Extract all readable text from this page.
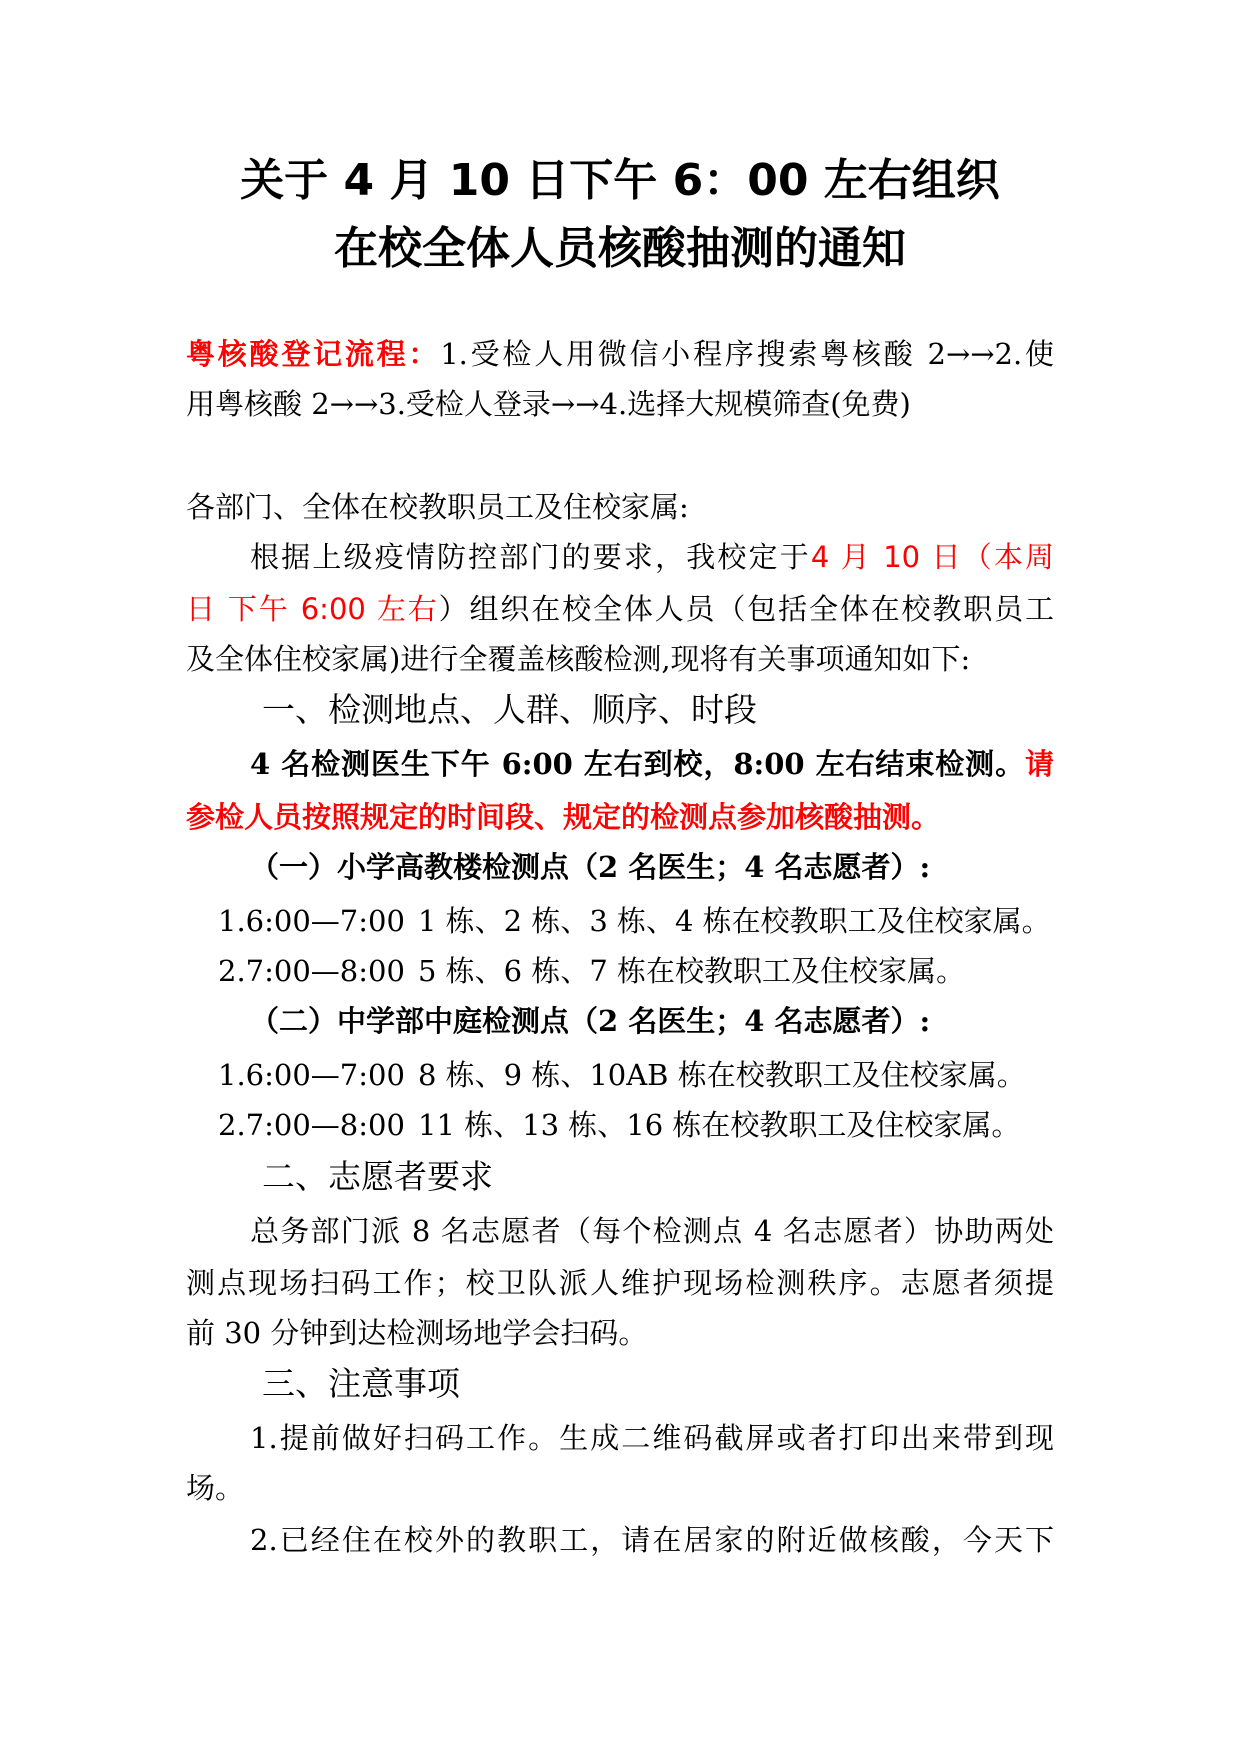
关于 4 月 10 日下午 6：00 左右组织
在校全体人员核酸抽测的通知
粤核酸登记流程：1.受检人用微信小程序搜索粤核酸 2→→2.使
用粤核酸 2→→3.受检人登录→→4.选择大规模筛查(免费)
各部门、全体在校教职员工及住校家属:
根据上级疫情防控部门的要求，我校定于4 月 10 日（本周
日 下午 6:00 左右）组织在校全体人员（包括全体在校教职员工
及全体住校家属)进行全覆盖核酸检测,现将有关事项通知如下:
一、检测地点、人群、顺序、时段
4 名检测医生下午 6:00 左右到校，8:00 左右结束检测。请
参检人员按照规定的时间段、规定的检测点参加核酸抽测。
（一）小学高教楼检测点（2 名医生；4 名志愿者）:
1.6:00—7:00 1 栋、2 栋、3 栋、4 栋在校教职工及住校家属。
2.7:00—8:00 5 栋、6 栋、7 栋在校教职工及住校家属。
（二）中学部中庭检测点（2 名医生；4 名志愿者）:
1.6:00—7:00 8 栋、9 栋、10AB 栋在校教职工及住校家属。
2.7:00—8:00 11 栋、13 栋、16 栋在校教职工及住校家属。
二、志愿者要求
总务部门派 8 名志愿者（每个检测点 4 名志愿者）协助两处
测点现场扫码工作；校卫队派人维护现场检测秩序。志愿者须提
前 30 分钟到达检测场地学会扫码。
三、注意事项
1.提前做好扫码工作。生成二维码截屏或者打印出来带到现
场。
2.已经住在校外的教职工，请在居家的附近做核酸，今天下
